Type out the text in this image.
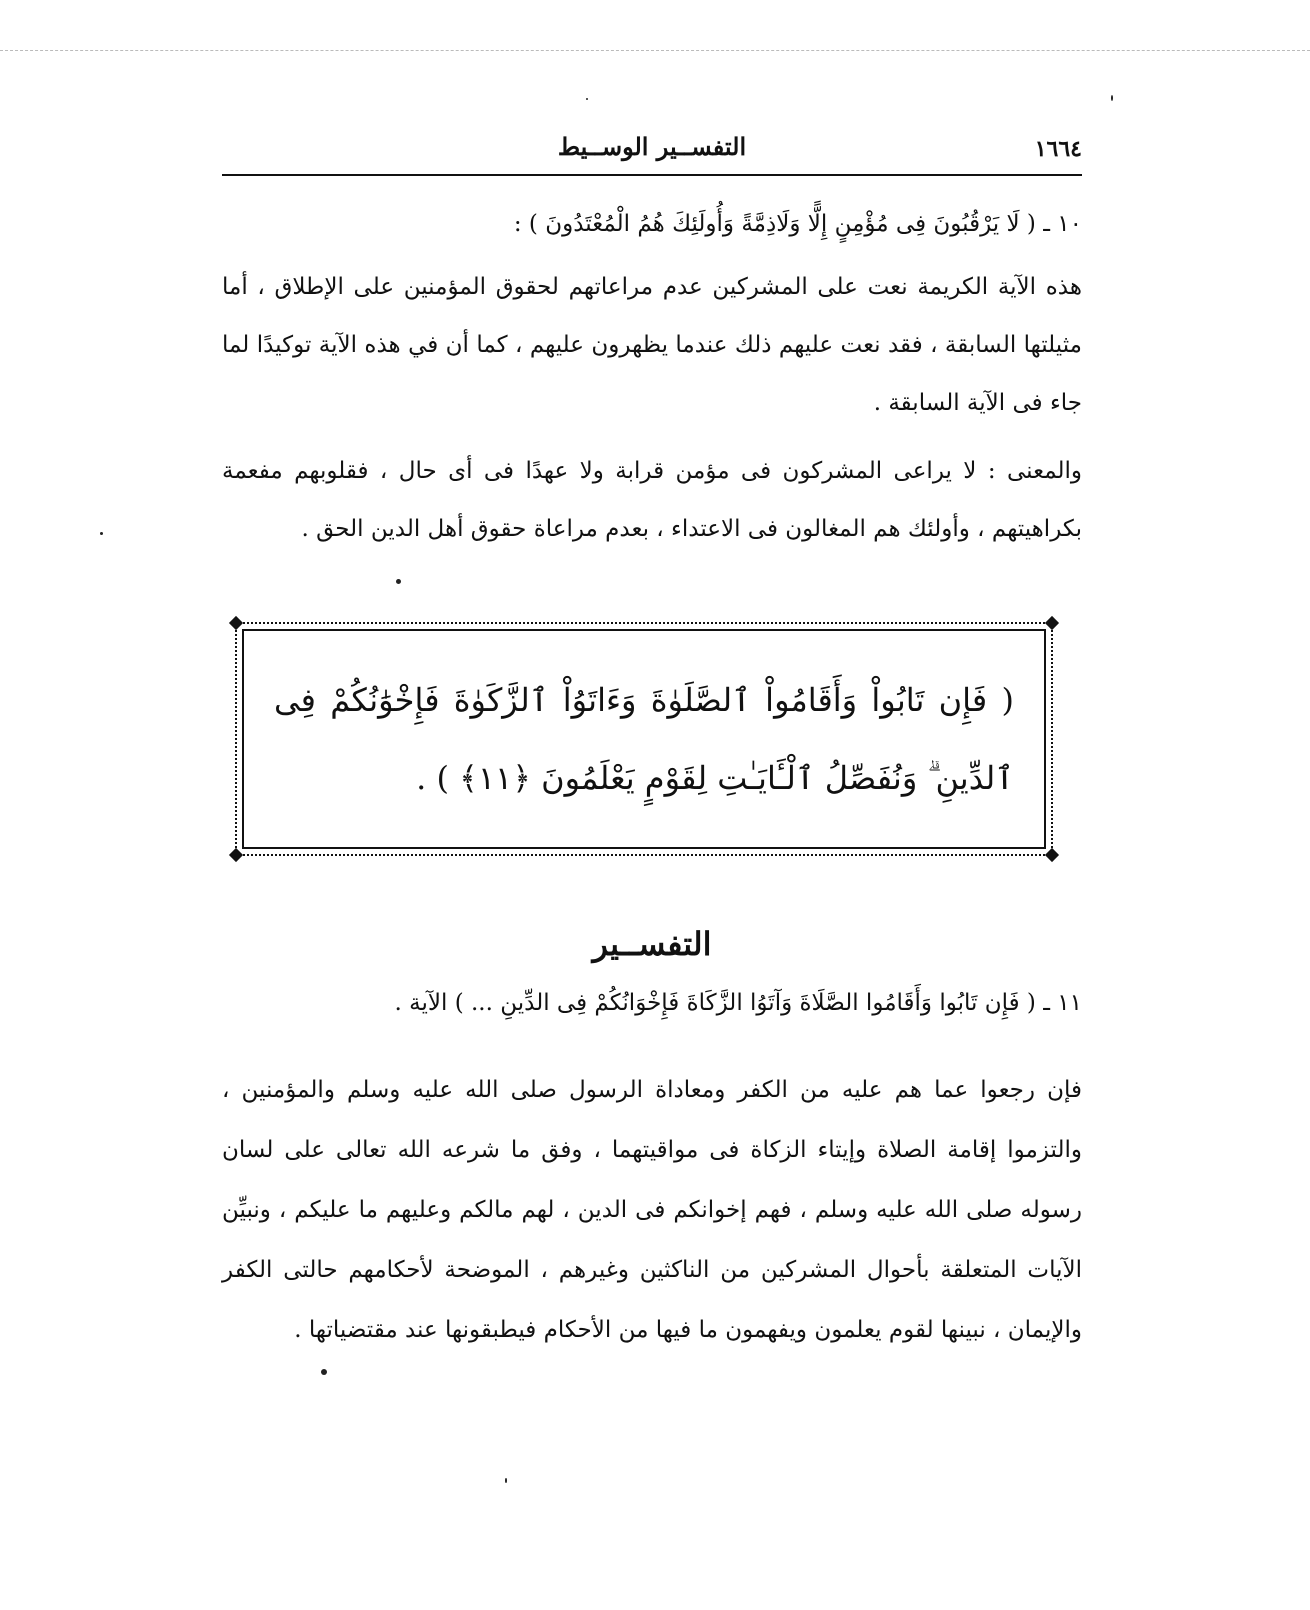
١٦٦٤
التفســير الوســيط
١٠ ـ ( لَا يَرْقُبُونَ فِى مُؤْمِنٍ إِلًّا وَلَاذِمَّةً وَأُولَئِكَ هُمُ الْمُعْتَدُونَ ) :

هذه الآية الكريمة نعت على المشركين عدم مراعاتهم لحقوق المؤمنين على الإطلاق ، أما مثيلتها السابقة ، فقد نعت عليهم ذلك عندما يظهرون عليهم ، كما أن في هذه الآية توكيدًا لما جاء فى الآية السابقة .

والمعنى : لا يراعى المشركون فى مؤمن قرابة ولا عهدًا فى أى حال ، فقلوبهم مفعمة بكراهيتهم ، وأولئك هم المغالون فى الاعتداء ، بعدم مراعاة حقوق أهل الدين الحق .

( فَإِن تَابُواْ وَأَقَامُواْ ٱلصَّلَوٰةَ وَءَاتَوُاْ ٱلزَّكَوٰةَ فَإِخْوَٰنُكُمْ فِى ٱلدِّينِ ۗ وَنُفَصِّلُ ٱلْـَٔايَـٰتِ لِقَوْمٍ يَعْلَمُونَ ﴿١١﴾ ) .
التفســير
١١ ـ ( فَإِن تَابُوا وَأَقَامُوا الصَّلَاةَ وَآتَوُا الزَّكَاةَ فَإِخْوَانُكُمْ فِى الدِّينِ ... ) الآية .

فإن رجعوا عما هم عليه من الكفر ومعاداة الرسول صلى الله عليه وسلم والمؤمنين ، والتزموا إقامة الصلاة وإيتاء الزكاة فى مواقيتهما ، وفق ما شرعه الله تعالى على لسان رسوله صلى الله عليه وسلم ، فهم إخوانكم فى الدين ، لهم مالكم وعليهم ما عليكم ، ونبيِّن الآيات المتعلقة بأحوال المشركين من الناكثين وغيرهم ، الموضحة لأحكامهم حالتى الكفر والإيمان ، نبينها لقوم يعلمون ويفهمون ما فيها من الأحكام فيطبقونها عند مقتضياتها .
